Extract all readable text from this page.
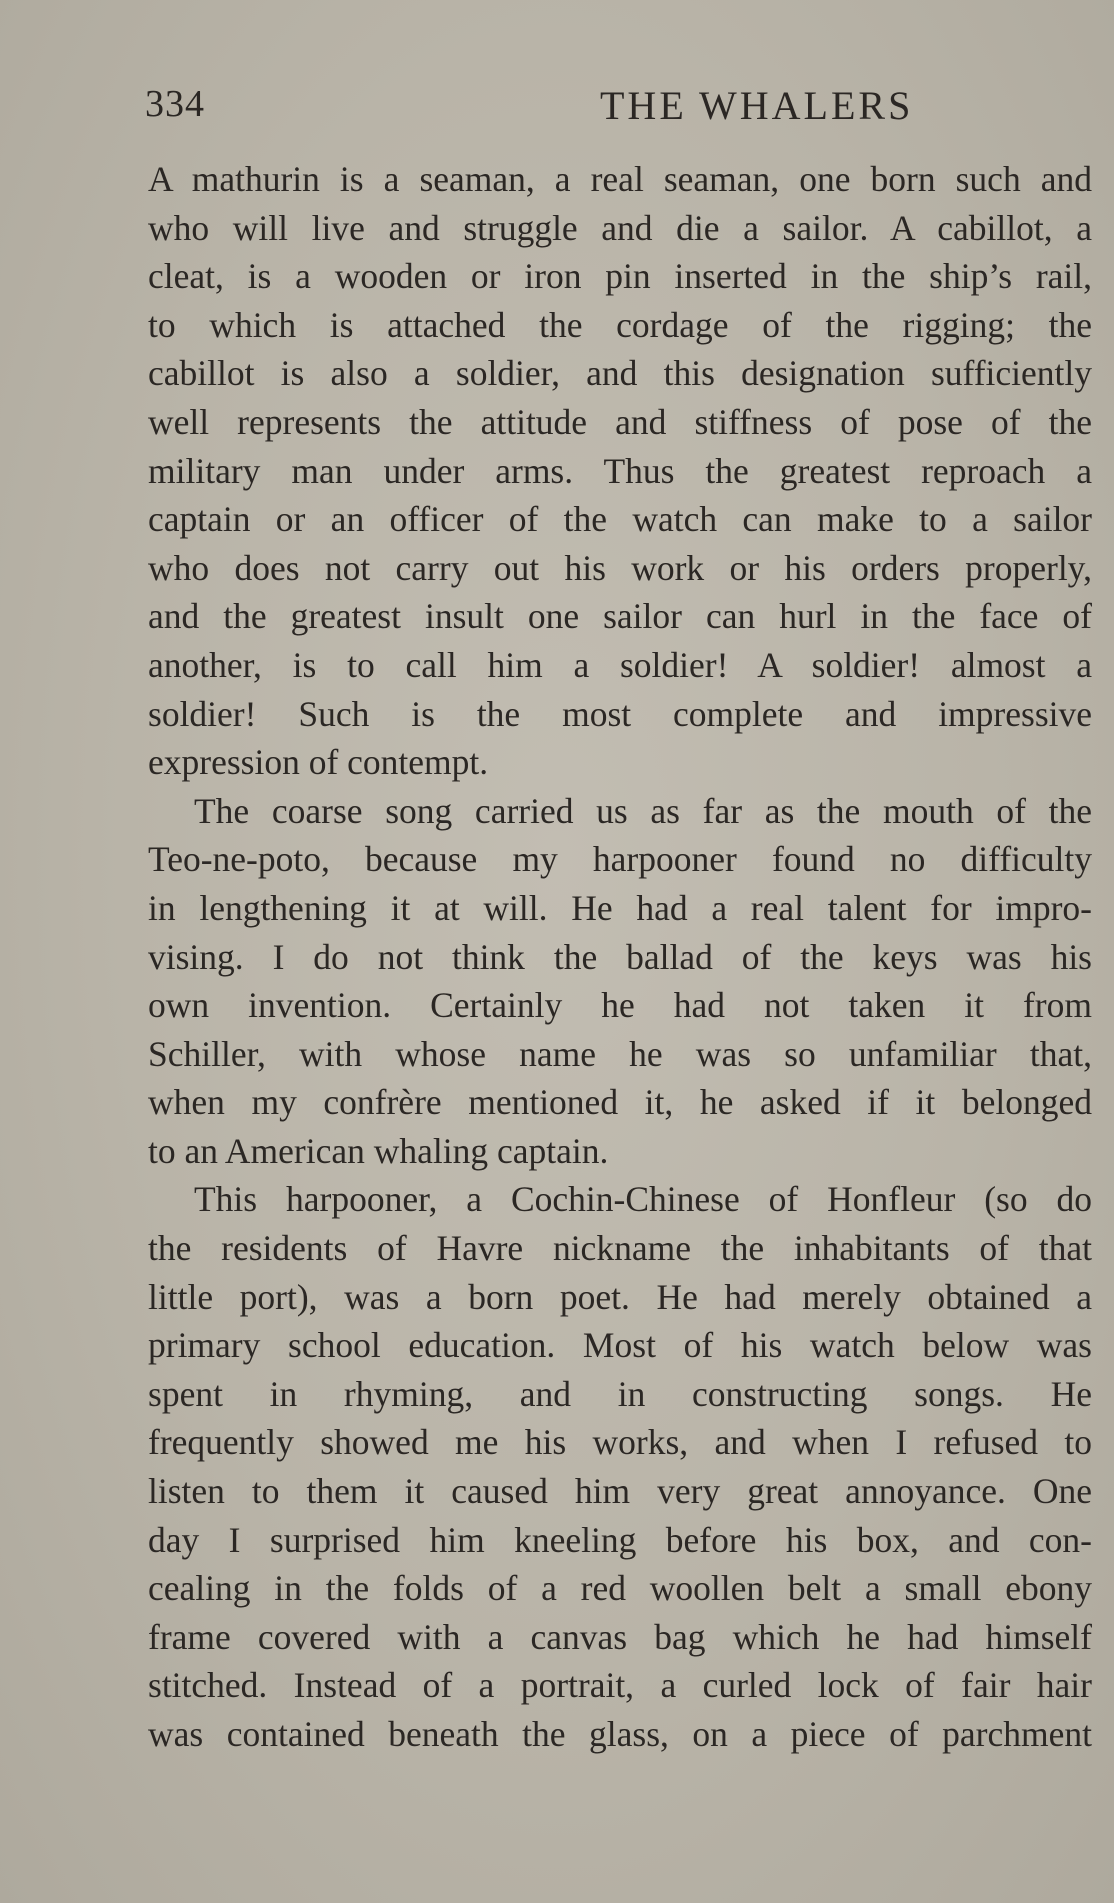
334	THE WHALERS
A mathurin is a seaman, a real seaman, one born such and
who will live and struggle and die a sailor. A cabillot, a
cleat, is a wooden or iron pin inserted in the ship’s rail,
to which is attached the cordage of the rigging; the
cabillot is also a soldier, and this designation sufficiently
well represents the attitude and stiffness of pose of the
military man under arms. Thus the greatest reproach a
captain or an officer of the watch can make to a sailor
who does not carry out his work or his orders properly,
and the greatest insult one sailor can hurl in the face of
another, is to call him a soldier! A soldier! almost a
soldier! Such is the most complete and impressive
expression of contempt.
The coarse song carried us as far as the mouth of the
Teo-ne-poto, because my harpooner found no difficulty
in lengthening it at will. He had a real talent for impro-
vising. I do not think the ballad of the keys was his
own invention. Certainly he had not taken it from
Schiller, with whose name he was so unfamiliar that,
when my confrère mentioned it, he asked if it belonged
to an American whaling captain.
This harpooner, a Cochin-Chinese of Honfleur (so do
the residents of Havre nickname the inhabitants of that
little port), was a born poet. He had merely obtained a
primary school education. Most of his watch below was
spent in rhyming, and in constructing songs. He
frequently showed me his works, and when I refused to
listen to them it caused him very great annoyance. One
day I surprised him kneeling before his box, and con-
cealing in the folds of a red woollen belt a small ebony
frame covered with a canvas bag which he had himself
stitched. Instead of a portrait, a curled lock of fair hair
was contained beneath the glass, on a piece of parchment
